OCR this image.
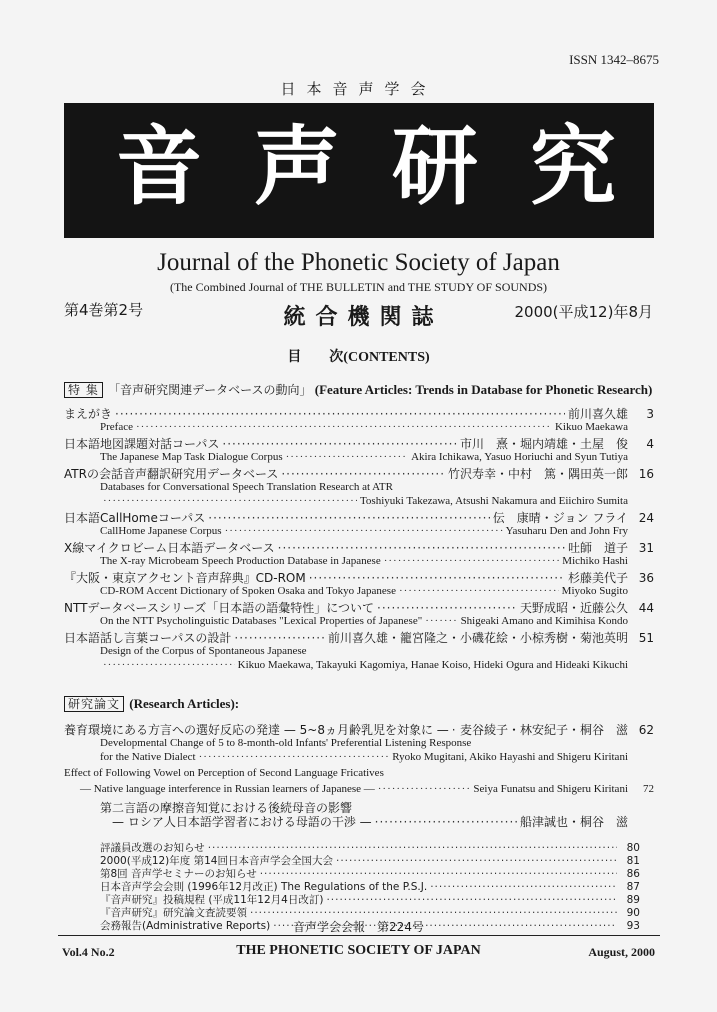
ISSN 1342–8675
日本音声学会
音声研究
Journal of the Phonetic Society of Japan
(The Combined Journal of THE BULLETIN and THE STUDY OF SOUNDS)
第4巻第2号	統合機関誌	2000(平成12)年8月
目　　次(CONTENTS)
特 集 「音声研究関連データベースの動向」 (Feature Articles: Trends in Database for Phonetic Research)
まえがき ·····	前川喜久雄	3
Preface ·····	Kikuo Maekawa
日本語地図課題対話コーパス ·····	市川　熹・堀内靖雄・土屋　俊	4
The Japanese Map Task Dialogue Corpus ·····	Akira Ichikawa, Yasuo Horiuchi and Syun Tutiya
ATRの会話音声翻訳研究用データベース ·····	竹沢寿幸・中村　篤・隅田英一郎 16
Databases for Conversational Speech Translation Research at ATR
·····
Toshiyuki Takezawa, Atsushi Nakamura and Eiichiro Sumita
日本語CallHomeコーパス ·····	伝　康晴・ジョン フライ 24
CallHome Japanese Corpus ·····	Yasuharu Den and John Fry
X線マイクロビーム日本語データベース ·····	吐師　道子 31
The X-ray Microbeam Speech Production Database in Japanese ·····	Michiko Hashi
『大阪・東京アクセント音声辞典』CD-ROM ·····	杉藤美代子 36
CD-ROM Accent Dictionary of Spoken Osaka and Tokyo Japanese ·····	Miyoko Sugito
NTTデータベースシリーズ「日本語の語彙特性」について ·····	天野成昭・近藤公久 44
On the NTT Psycholinguistic Databases "Lexical Properties of Japanese" ·····	Shigeaki Amano and Kimihisa Kondo
日本語話し言葉コーパスの設計 ·····	前川喜久雄・籠宮隆之・小磯花絵・小椋秀樹・菊池英明 51
Design of the Corpus of Spontaneous Japanese
·····
Kikuo Maekawa, Takayuki Kagomiya, Hanae Koiso, Hideki Ogura and Hideaki Kikuchi
研究論文 (Research Articles):
養育環境にある方言への選好反応の発達 — 5~8ヵ月齢乳児を対象に — ····· 麦谷綾子・林安紀子・桐谷　滋 62
Developmental Change of 5 to 8-month-old Infants' Preferential Listening Response
for the Native Dialect ·····	Ryoko Mugitani, Akiko Hayashi and Shigeru Kiritani
Effect of Following Vowel on Perception of Second Language Fricatives
— Native language interference in Russian learners of Japanese — ·····	Seiya Funatsu and Shigeru Kiritani	72
第二言語の摩擦音知覚における後続母音の影響
— ロシア人日本語学習者における母語の干渉 — ·····	船津誠也・桐谷　滋
評議員改選のお知らせ ·····	80
2000(平成12)年度 第14回日本音声学会全国大会 ·····	81
第8回 音声学セミナーのお知らせ ·····	86
日本音声学会会則 (1996年12月改正) The Regulations of the P.S.J. ·····	87
『音声研究』投稿規程 (平成11年12月4日改訂) ·····	89
『音声研究』研究論文査読要領 ·····	90
会務報告(Administrative Reports) ·····	93
音声学会会報　第224号
Vol.4 No.2	THE PHONETIC SOCIETY OF JAPAN	August, 2000
